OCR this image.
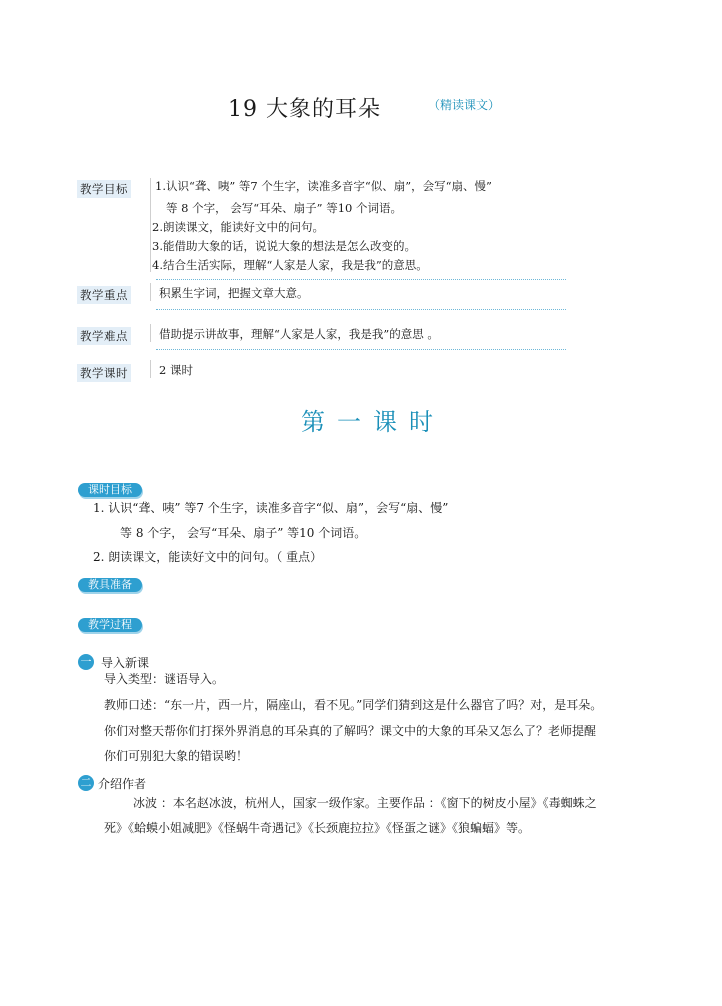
19 大象的耳朵	（精读课文）
教学目标 1.认识“聋、咦” 等7 个生字，读准多音字“似、扇”，会写“扇、慢”
等 8 个字， 会写“耳朵、扇子” 等10 个词语。
2.朗读课文，能读好文中的问句。
3.能借助大象的话，说说大象的想法是怎么改变的。
4.结合生活实际，理解“人家是人家，我是我”的意思。
教学重点	积累生字词，把握文章大意。
教学难点	借助提示讲故事，理解“人家是人家，我是我”的意思 。
教学课时	2 课时
第一课时
课时目标
1. 认识“聋、咦” 等7 个生字，读准多音字“似、扇”，会写“扇、慢”
等 8 个字， 会写“耳朵、扇子” 等10 个词语。
2. 朗读课文，能读好文中的问句。（ 重点）
教具准备
教学过程
一 导入新课
导入类型：谜语导入。
教师口述：“东一片，西一片，隔座山，看不见。”同学们猜到这是什么器官了吗？对，是耳朵。
你们对整天帮你们打探外界消息的耳朵真的了解吗？课文中的大象的耳朵又怎么了？老师提醒
你们可别犯大象的错误哟！
二 介绍作者
冰波 ：本名赵冰波，杭州人，国家一级作家。主要作品 ：《窗下的树皮小屋》《毒蜘蛛之
死》《蛤蟆小姐减肥》《怪蜗牛奇遇记》《长颈鹿拉拉》《怪蛋之谜》《狼蝙蝠》等。
